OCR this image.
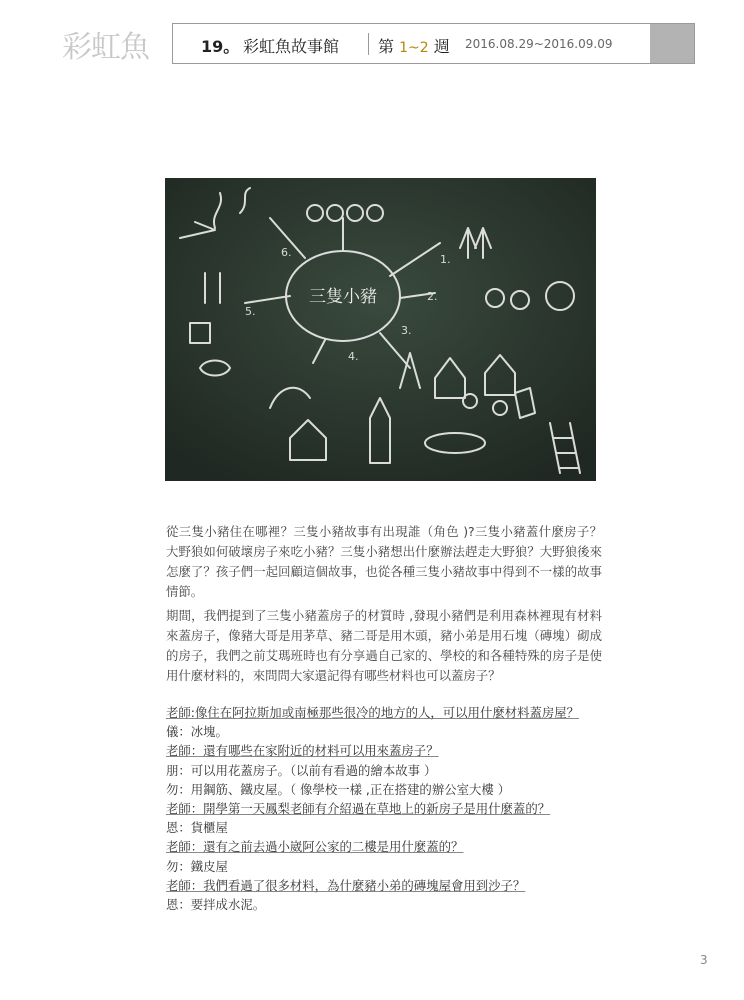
彩虹魚	19。 彩虹魚故事館 第 1~2 週 2016.08.29~2016.09.09
6.
1.
2.
3.
4.
5.
三隻小豬

從三隻小豬住在哪裡？三隻小豬故事有出現誰（角色 )?三隻小豬蓋什麼房子？大野狼如何破壞房子來吃小豬？三隻小豬想出什麼辦法趕走大野狼？大野狼後來怎麼了？孩子們一起回顧這個故事，也從各種三隻小豬故事中得到不一樣的故事情節。

期間，我們提到了三隻小豬蓋房子的材質時 ,發現小豬們是利用森林裡現有材料來蓋房子，像豬大哥是用茅草、豬二哥是用木頭，豬小弟是用石塊（磚塊）砌成的房子，我們之前艾瑪班時也有分享過自己家的、學校的和各種特殊的房子是使用什麼材料的，來問問大家還記得有哪些材料也可以蓋房子？

老師:像住在阿拉斯加或南極那些很冷的地方的人，可以用什麼材料蓋房屋？
儀：冰塊。
老師：還有哪些在家附近的材料可以用來蓋房子？
朋：可以用花蓋房子。（以前有看過的繪本故事 ）
勿：用鋼筋、鐵皮屋。（ 像學校一樣 ,正在搭建的辦公室大樓 ）
老師：開學第一天鳳梨老師有介紹過在草地上的新房子是用什麼蓋的？
恩：貨櫃屋
老師：還有之前去過小崴阿公家的二樓是用什麼蓋的？
勿：鐵皮屋
老師：我們看過了很多材料，為什麼豬小弟的磚塊屋會用到沙子？
恩：要拌成水泥。
3
